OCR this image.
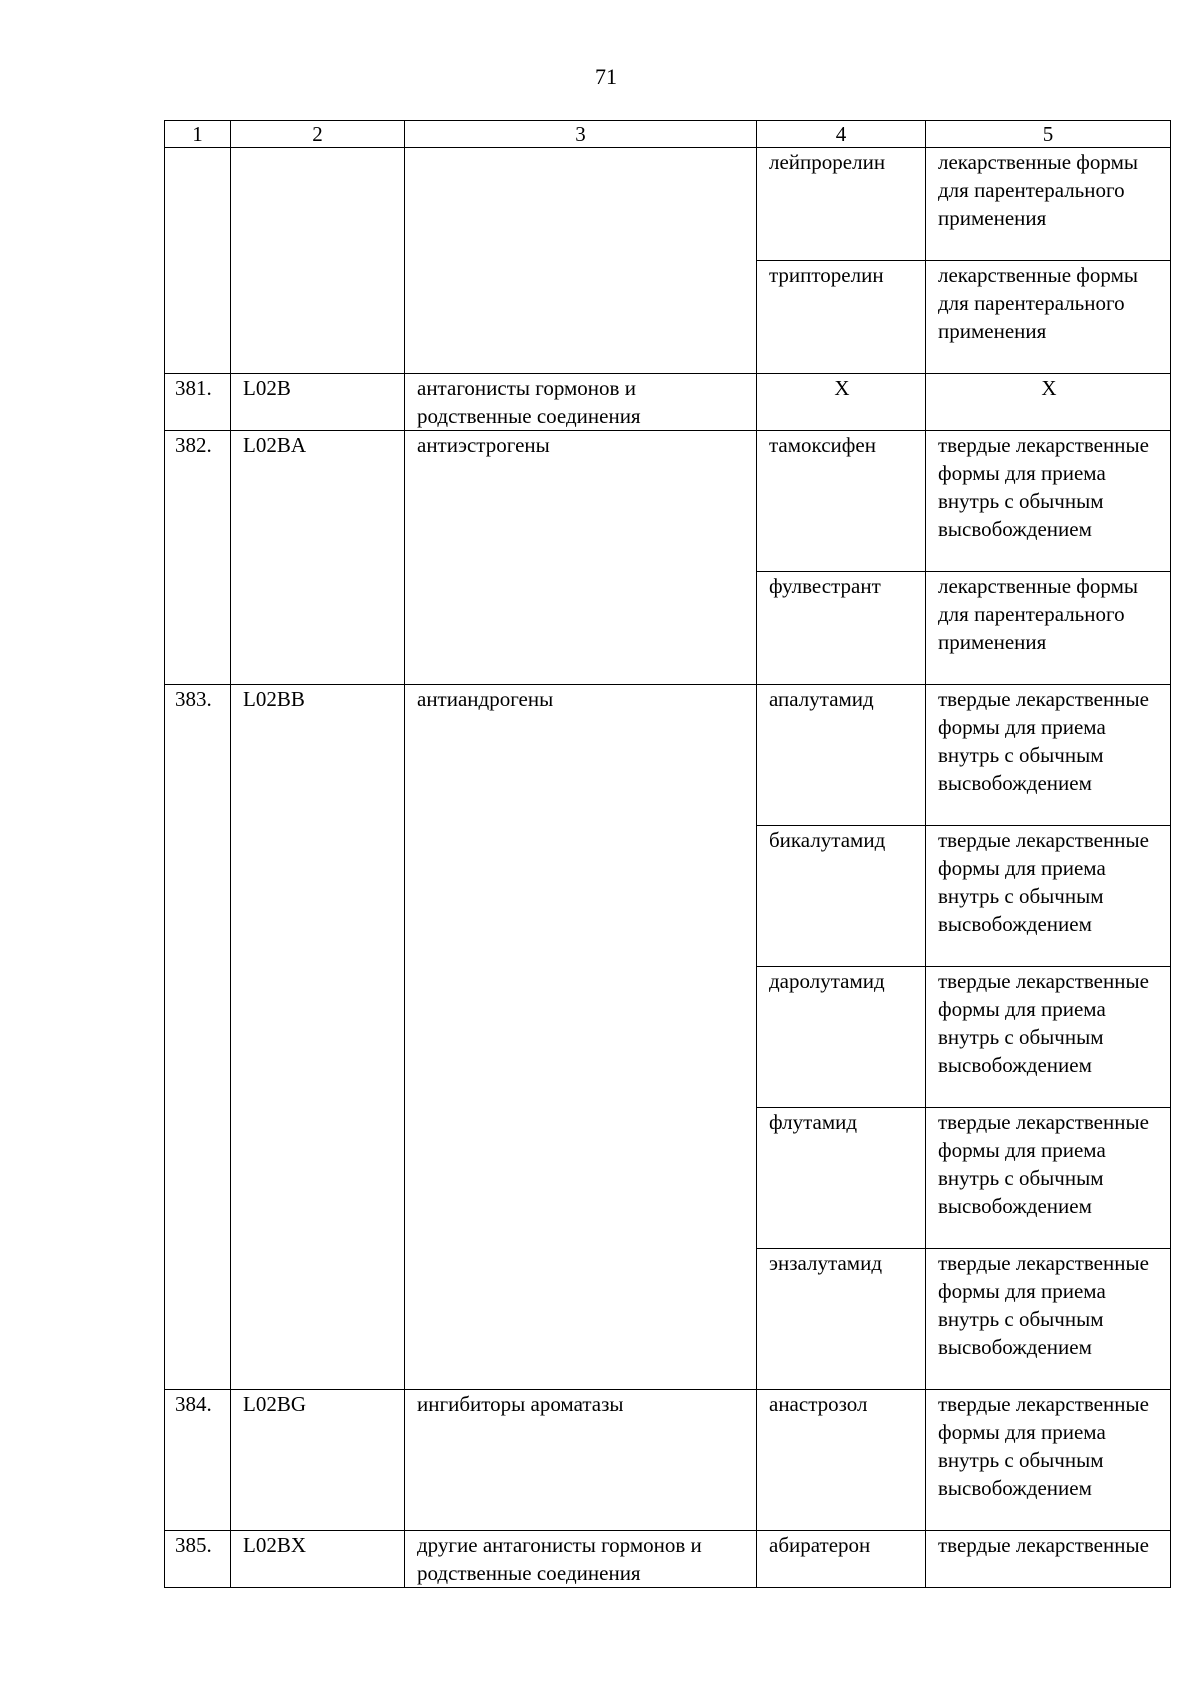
71
1	2	3	4	5
			лейпрорелин	лекарственные формы для парентерального применения
			трипторелин	лекарственные формы для парентерального применения
381.	L02B	антагонисты гормонов и родственные соединения	Х	Х
382.	L02BA	антиэстрогены	тамоксифен	твердые лекарственные формы для приема внутрь с обычным высвобождением
			фулвестрант	лекарственные формы для парентерального применения
383.	L02BB	антиандрогены	апалутамид	твердые лекарственные формы для приема внутрь с обычным высвобождением
			бикалутамид	твердые лекарственные формы для приема внутрь с обычным высвобождением
			даролутамид	твердые лекарственные формы для приема внутрь с обычным высвобождением
			флутамид	твердые лекарственные формы для приема внутрь с обычным высвобождением
			энзалутамид	твердые лекарственные формы для приема внутрь с обычным высвобождением
384.	L02BG	ингибиторы ароматазы	анастрозол	твердые лекарственные формы для приема внутрь с обычным высвобождением
385.	L02BX	другие антагонисты гормонов и родственные соединения	абиратерон	твердые лекарственные
